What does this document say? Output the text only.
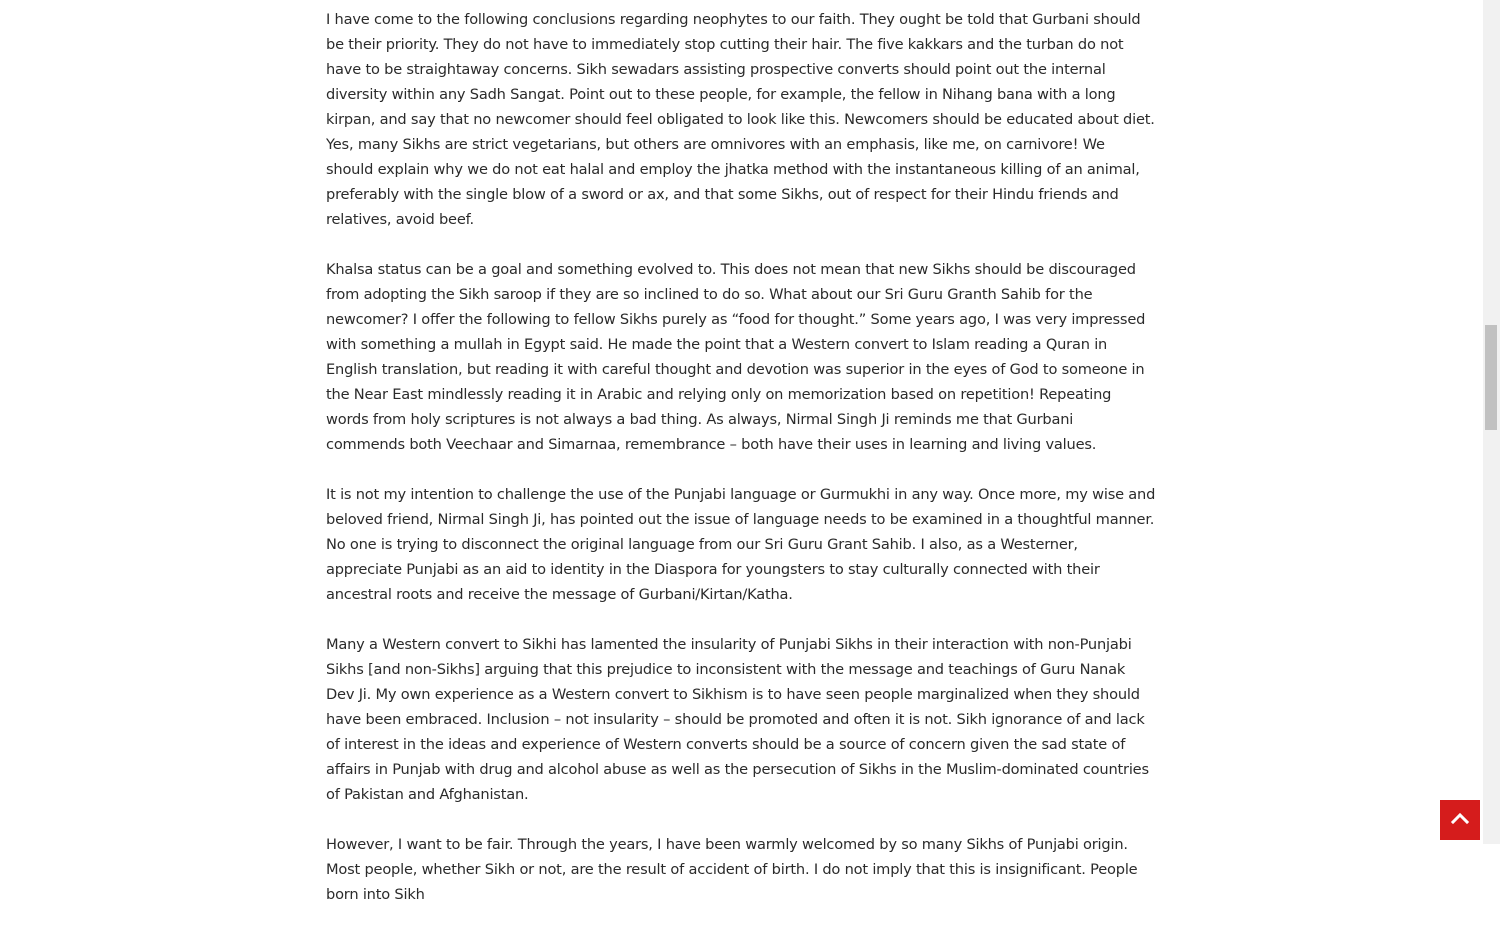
I have come to the following conclusions regarding neophytes to our faith. They ought be told that Gurbani should be their priority. They do not have to immediately stop cutting their hair. The five kakkars and the turban do not have to be straightaway concerns. Sikh sewadars assisting prospective converts should point out the internal diversity within any Sadh Sangat. Point out to these people, for example, the fellow in Nihang bana with a long kirpan, and say that no newcomer should feel obligated to look like this. Newcomers should be educated about diet. Yes, many Sikhs are strict vegetarians, but others are omnivores with an emphasis, like me, on carnivore! We should explain why we do not eat halal and employ the jhatka method with the instantaneous killing of an animal, preferably with the single blow of a sword or ax, and that some Sikhs, out of respect for their Hindu friends and relatives, avoid beef.

Khalsa status can be a goal and something evolved to. This does not mean that new Sikhs should be discouraged from adopting the Sikh saroop if they are so inclined to do so. What about our Sri Guru Granth Sahib for the newcomer? I offer the following to fellow Sikhs purely as “food for thought.” Some years ago, I was very impressed with something a mullah in Egypt said. He made the point that a Western convert to Islam reading a Quran in English translation, but reading it with careful thought and devotion was superior in the eyes of God to someone in the Near East mindlessly reading it in Arabic and relying only on memorization based on repetition! Repeating words from holy scriptures is not always a bad thing. As always, Nirmal Singh Ji reminds me that Gurbani commends both Veechaar and Simarnaa, remembrance – both have their uses in learning and living values.

It is not my intention to challenge the use of the Punjabi language or Gurmukhi in any way. Once more, my wise and beloved friend, Nirmal Singh Ji, has pointed out the issue of language needs to be examined in a thoughtful manner. No one is trying to disconnect the original language from our Sri Guru Grant Sahib. I also, as a Westerner, appreciate Punjabi as an aid to identity in the Diaspora for youngsters to stay culturally connected with their ancestral roots and receive the message of Gurbani/Kirtan/Katha.

Many a Western convert to Sikhi has lamented the insularity of Punjabi Sikhs in their interaction with non-Punjabi Sikhs [and non-Sikhs] arguing that this prejudice to inconsistent with the message and teachings of Guru Nanak Dev Ji. My own experience as a Western convert to Sikhism is to have seen people marginalized when they should have been embraced. Inclusion – not insularity – should be promoted and often it is not. Sikh ignorance of and lack of interest in the ideas and experience of Western converts should be a source of concern given the sad state of affairs in Punjab with drug and alcohol abuse as well as the persecution of Sikhs in the Muslim-dominated countries of Pakistan and Afghanistan.

However, I want to be fair. Through the years, I have been warmly welcomed by so many Sikhs of Punjabi origin. Most people, whether Sikh or not, are the result of accident of birth. I do not imply that this is insignificant. People born into Sikh
